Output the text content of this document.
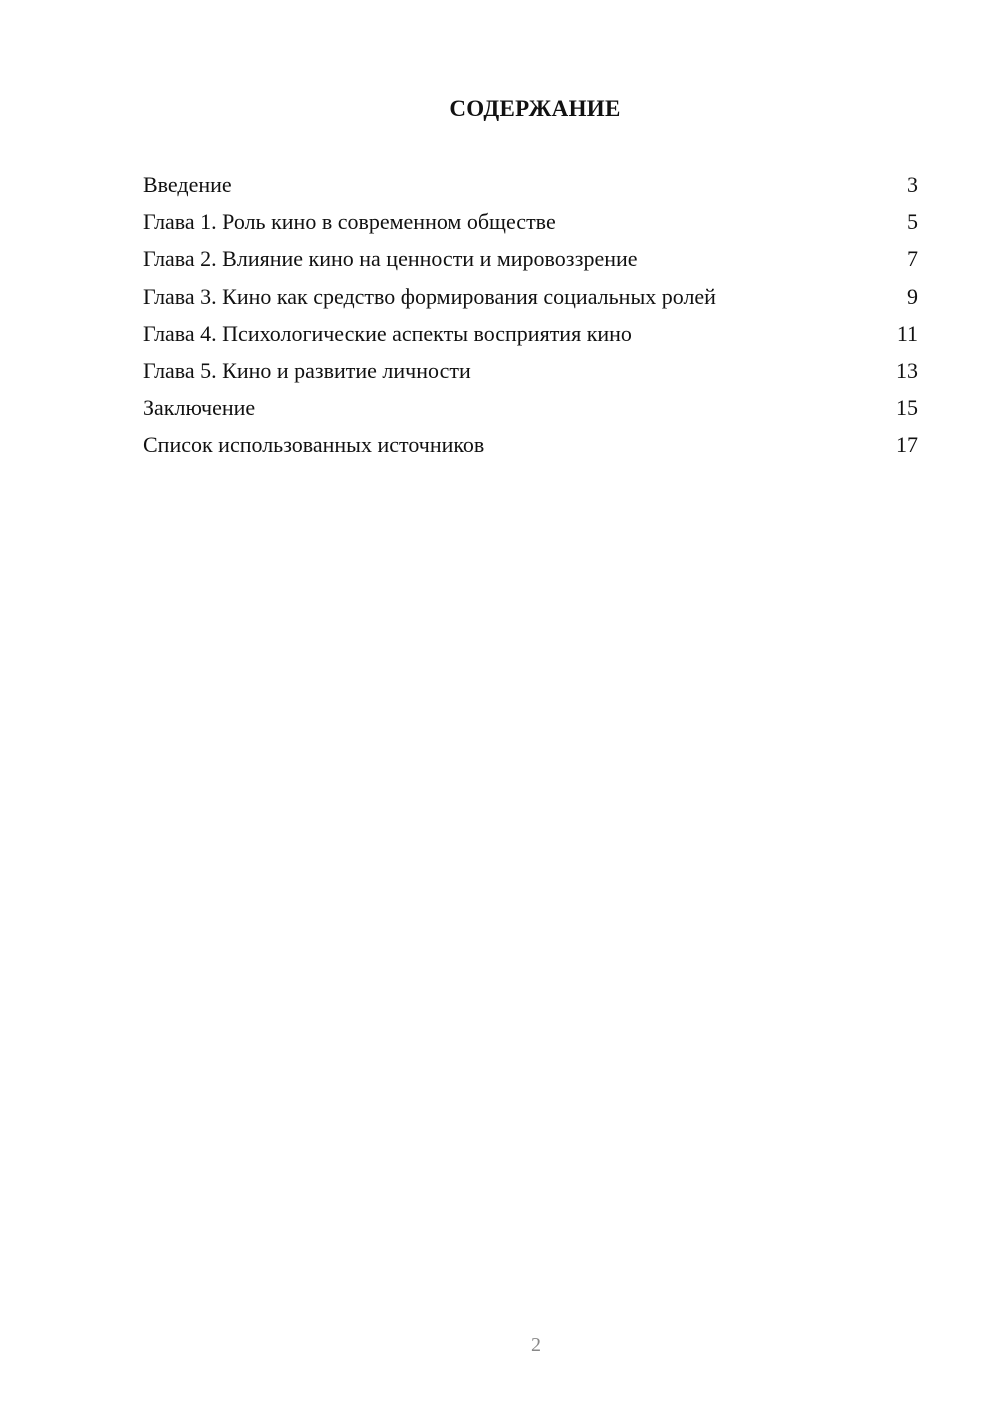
СОДЕРЖАНИЕ
Введение	3
Глава 1. Роль кино в современном обществе	5
Глава 2. Влияние кино на ценности и мировоззрение	7
Глава 3. Кино как средство формирования социальных ролей	9
Глава 4. Психологические аспекты восприятия кино	11
Глава 5. Кино и развитие личности	13
Заключение	15
Список использованных источников	17
2
